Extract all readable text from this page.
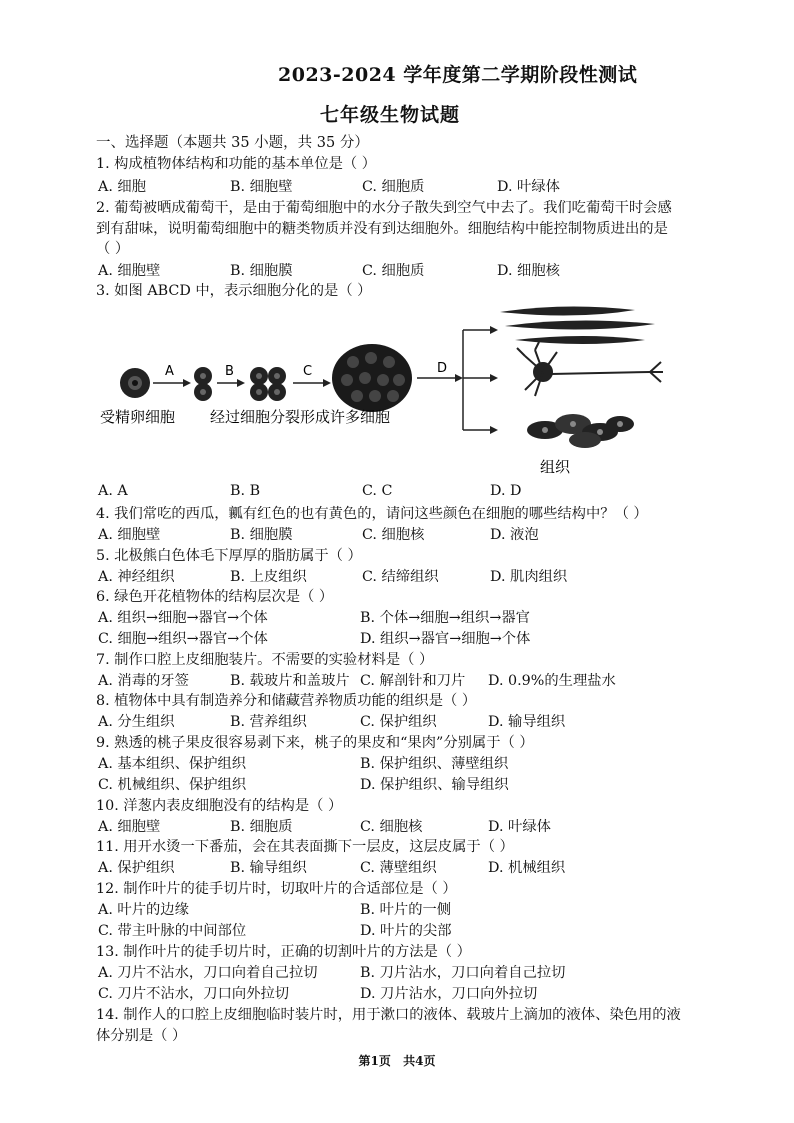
2023-2024 学年度第二学期阶段性测试
七年级生物试题
一、选择题（本题共 35 小题，共 35 分）
1. 构成植物体结构和功能的基本单位是（ ）
A. 细胞	B. 细胞壁	C. 细胞质	D. 叶绿体
2. 葡萄被晒成葡萄干，是由于葡萄细胞中的水分子散失到空气中去了。我们吃葡萄干时会感
到有甜味，说明葡萄细胞中的糖类物质并没有到达细胞外。细胞结构中能控制物质进出的是
（ ）
A. 细胞壁	B. 细胞膜	C. 细胞质	D. 细胞核
3. 如图 ABCD 中，表示细胞分化的是（ ）
A	B	C	D
受精卵细胞 经过细胞分裂形成许多细胞
组织
A. A	B. B	C. C	D. D
4. 我们常吃的西瓜，瓤有红色的也有黄色的，请问这些颜色在细胞的哪些结构中？（ ）
A. 细胞壁	B. 细胞膜	C. 细胞核	D. 液泡
5. 北极熊白色体毛下厚厚的脂肪属于（ ）
A. 神经组织	B. 上皮组织	C. 结缔组织	D. 肌肉组织
6. 绿色开花植物体的结构层次是（ ）
A. 组织→细胞→器官→个体	B. 个体→细胞→组织→器官
C. 细胞→组织→器官→个体	D. 组织→器官→细胞→个体
7. 制作口腔上皮细胞装片。不需要的实验材料是（ ）
A. 消毒的牙签	B. 载玻片和盖玻片 C. 解剖针和刀片 D. 0.9%的生理盐水
8. 植物体中具有制造养分和储藏营养物质功能的组织是（ ）
A. 分生组织	B. 营养组织	C. 保护组织	D. 输导组织
9. 熟透的桃子果皮很容易剥下来，桃子的果皮和“果肉”分别属于（ ）
A. 基本组织、保护组织	B. 保护组织、薄壁组织
C. 机械组织、保护组织	D. 保护组织、输导组织
10. 洋葱内表皮细胞没有的结构是（ ）
A. 细胞壁	B. 细胞质	C. 细胞核	D. 叶绿体
11. 用开水烫一下番茄，会在其表面撕下一层皮，这层皮属于（ ）
A. 保护组织	B. 输导组织	C. 薄壁组织	D. 机械组织
12. 制作叶片的徒手切片时，切取叶片的合适部位是（ ）
A. 叶片的边缘	B. 叶片的一侧
C. 带主叶脉的中间部位	D. 叶片的尖部
13. 制作叶片的徒手切片时，正确的切割叶片的方法是（ ）
A. 刀片不沾水，刀口向着自己拉切	B. 刀片沾水，刀口向着自己拉切
C. 刀片不沾水，刀口向外拉切	D. 刀片沾水，刀口向外拉切
14. 制作人的口腔上皮细胞临时装片时，用于漱口的液体、载玻片上滴加的液体、染色用的液
体分别是（ ）
第1页 共4页
